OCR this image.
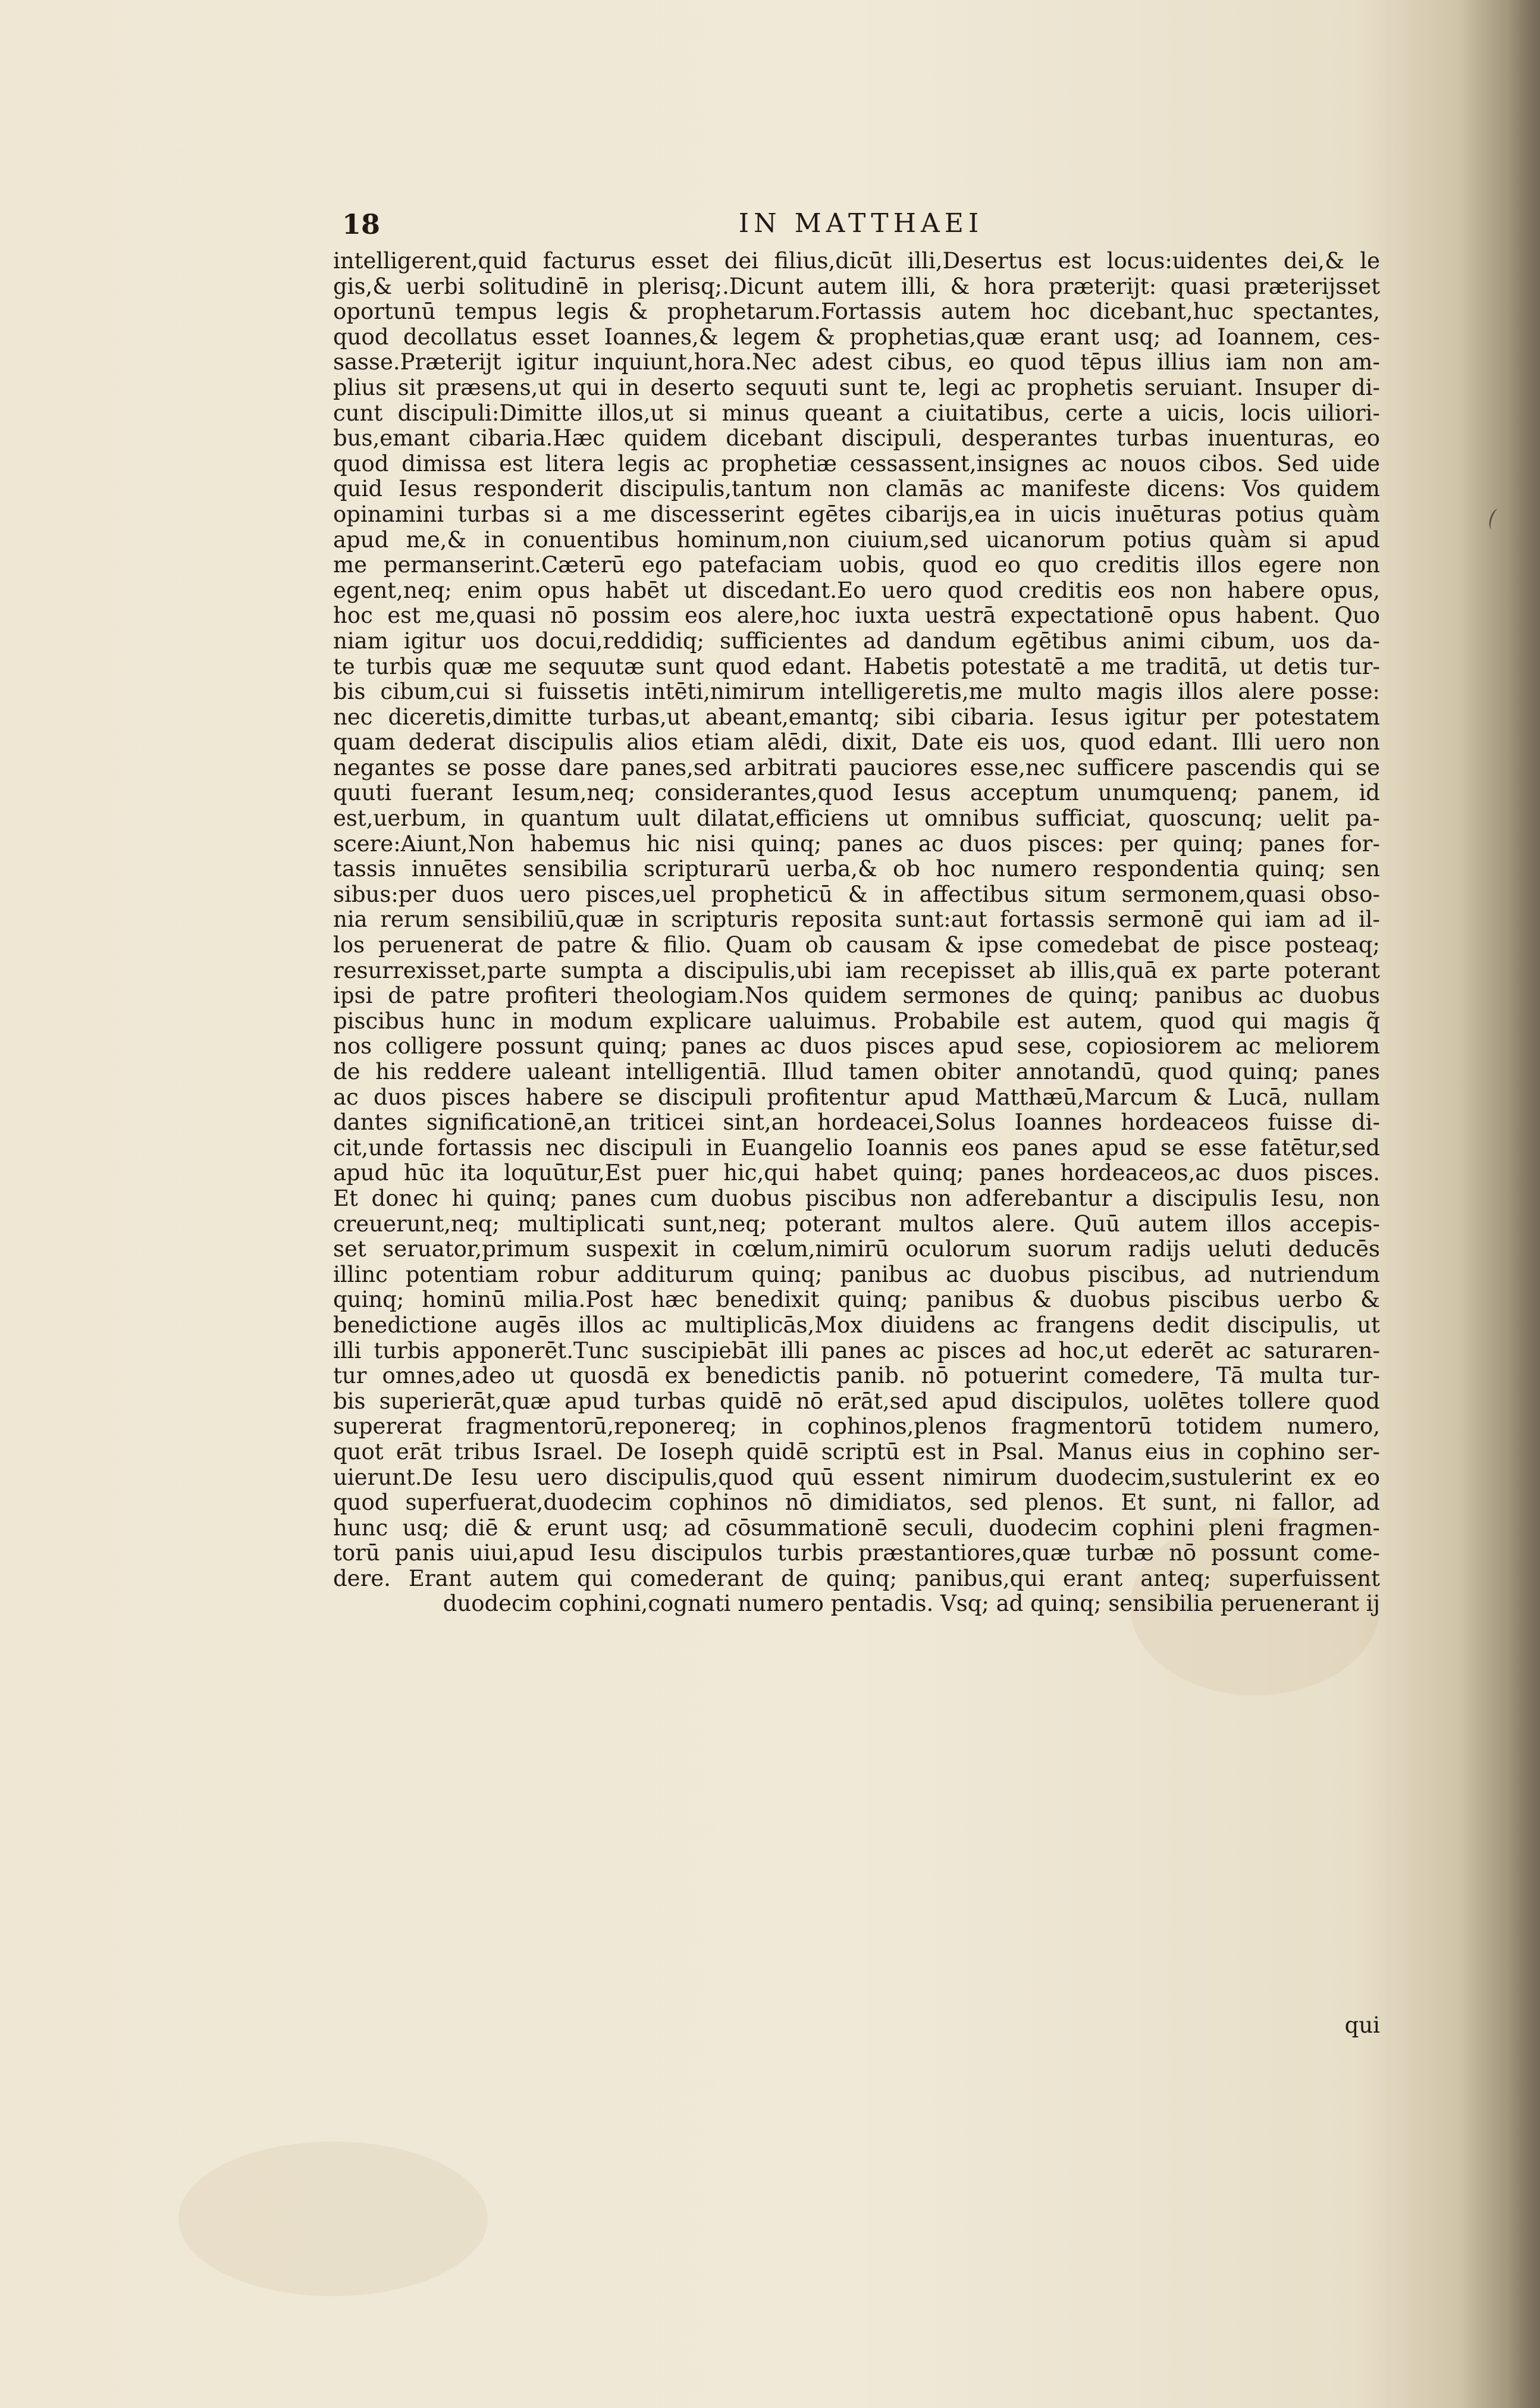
18	IN MATTHAEI
intelligerent,quid facturus esset dei filius,dicūt illi,Desertus est locus:uidentes dei,& le
gis,& uerbi solitudinē in plerisq;.Dicunt autem illi, & hora præterijt: quasi præterijsset
oportunū tempus legis & prophetarum.Fortassis autem hoc dicebant,huc spectantes,
quod decollatus esset Ioannes,& legem & prophetias,quæ erant usq; ad Ioannem, ces-
sasse.Præterijt igitur inquiunt,hora.Nec adest cibus, eo quod tēpus illius iam non am-
plius sit præsens,ut qui in deserto sequuti sunt te, legi ac prophetis seruiant. Insuper di-
cunt discipuli:Dimitte illos,ut si minus queant a ciuitatibus, certe a uicis, locis uiliori-
bus,emant cibaria.Hæc quidem dicebant discipuli, desperantes turbas inuenturas, eo
quod dimissa est litera legis ac prophetiæ cessassent,insignes ac nouos cibos. Sed uide
quid Iesus responderit discipulis,tantum non clamās ac manifeste dicens: Vos quidem
opinamini turbas si a me discesserint egētes cibarijs,ea in uicis inuēturas potius quàm
apud me,& in conuentibus hominum,non ciuium,sed uicanorum potius quàm si apud
me permanserint.Cæterū ego patefaciam uobis, quod eo quo creditis illos egere non
egent,neq; enim opus habēt ut discedant.Eo uero quod creditis eos non habere opus,
hoc est me,quasi nō possim eos alere,hoc iuxta uestrā expectationē opus habent. Quo
niam igitur uos docui,reddidiq; sufficientes ad dandum egētibus animi cibum, uos da-
te turbis quæ me sequutæ sunt quod edant. Habetis potestatē a me traditā, ut detis tur-
bis cibum,cui si fuissetis intēti,nimirum intelligeretis,me multo magis illos alere posse:
nec diceretis,dimitte turbas,ut abeant,emantq; sibi cibaria. Iesus igitur per potestatem
quam dederat discipulis alios etiam alēdi, dixit, Date eis uos, quod edant. Illi uero non
negantes se posse dare panes,sed arbitrati pauciores esse,nec sufficere pascendis qui se
quuti fuerant Iesum,neq; considerantes,quod Iesus acceptum unumquenq; panem, id
est,uerbum, in quantum uult dilatat,efficiens ut omnibus sufficiat, quoscunq; uelit pa-
scere:Aiunt,Non habemus hic nisi quinq; panes ac duos pisces: per quinq; panes for-
tassis innuētes sensibilia scripturarū uerba,& ob hoc numero respondentia quinq; sen
sibus:per duos uero pisces,uel propheticū & in affectibus situm sermonem,quasi obso-
nia rerum sensibiliū,quæ in scripturis reposita sunt:aut fortassis sermonē qui iam ad il-
los peruenerat de patre & filio. Quam ob causam & ipse comedebat de pisce posteaq;
resurrexisset,parte sumpta a discipulis,ubi iam recepisset ab illis,quā ex parte poterant
ipsi de patre profiteri theologiam.Nos quidem sermones de quinq; panibus ac duobus
piscibus hunc in modum explicare ualuimus. Probabile est autem, quod qui magis q̃
nos colligere possunt quinq; panes ac duos pisces apud sese, copiosiorem ac meliorem
de his reddere ualeant intelligentiā. Illud tamen obiter annotandū, quod quinq; panes
ac duos pisces habere se discipuli profitentur apud Matthæū,Marcum & Lucā, nullam
dantes significationē,an triticei sint,an hordeacei,Solus Ioannes hordeaceos fuisse di-
cit,unde fortassis nec discipuli in Euangelio Ioannis eos panes apud se esse fatētur,sed
apud hūc ita loquūtur,Est puer hic,qui habet quinq; panes hordeaceos,ac duos pisces.
Et donec hi quinq; panes cum duobus piscibus non adferebantur a discipulis Iesu, non
creuerunt,neq; multiplicati sunt,neq; poterant multos alere. Quū autem illos accepis-
set seruator,primum suspexit in cœlum,nimirū oculorum suorum radijs ueluti deducēs
illinc potentiam robur additurum quinq; panibus ac duobus piscibus, ad nutriendum
quinq; hominū milia.Post hæc benedixit quinq; panibus & duobus piscibus uerbo &
benedictione augēs illos ac multiplicās,Mox diuidens ac frangens dedit discipulis, ut
illi turbis apponerēt.Tunc suscipiebāt illi panes ac pisces ad hoc,ut ederēt ac saturaren-
tur omnes,adeo ut quosdā ex benedictis panib. nō potuerint comedere, Tā multa tur-
bis superierāt,quæ apud turbas quidē nō erāt,sed apud discipulos, uolētes tollere quod
supererat fragmentorū,reponereq; in cophinos,plenos fragmentorū totidem numero,
quot erāt tribus Israel. De Ioseph quidē scriptū est in Psal. Manus eius in cophino ser-
uierunt.De Iesu uero discipulis,quod quū essent nimirum duodecim,sustulerint ex eo
quod superfuerat,duodecim cophinos nō dimidiatos, sed plenos. Et sunt, ni fallor, ad
hunc usq; diē & erunt usq; ad cōsummationē seculi, duodecim cophini pleni fragmen-
torū panis uiui,apud Iesu discipulos turbis præstantiores,quæ turbæ nō possunt come-
dere. Erant autem qui comederant de quinq; panibus,qui erant anteq; superfuissent
duodecim cophini,cognati numero pentadis. Vsq; ad quinq; sensibilia peruenerant ij
qui
